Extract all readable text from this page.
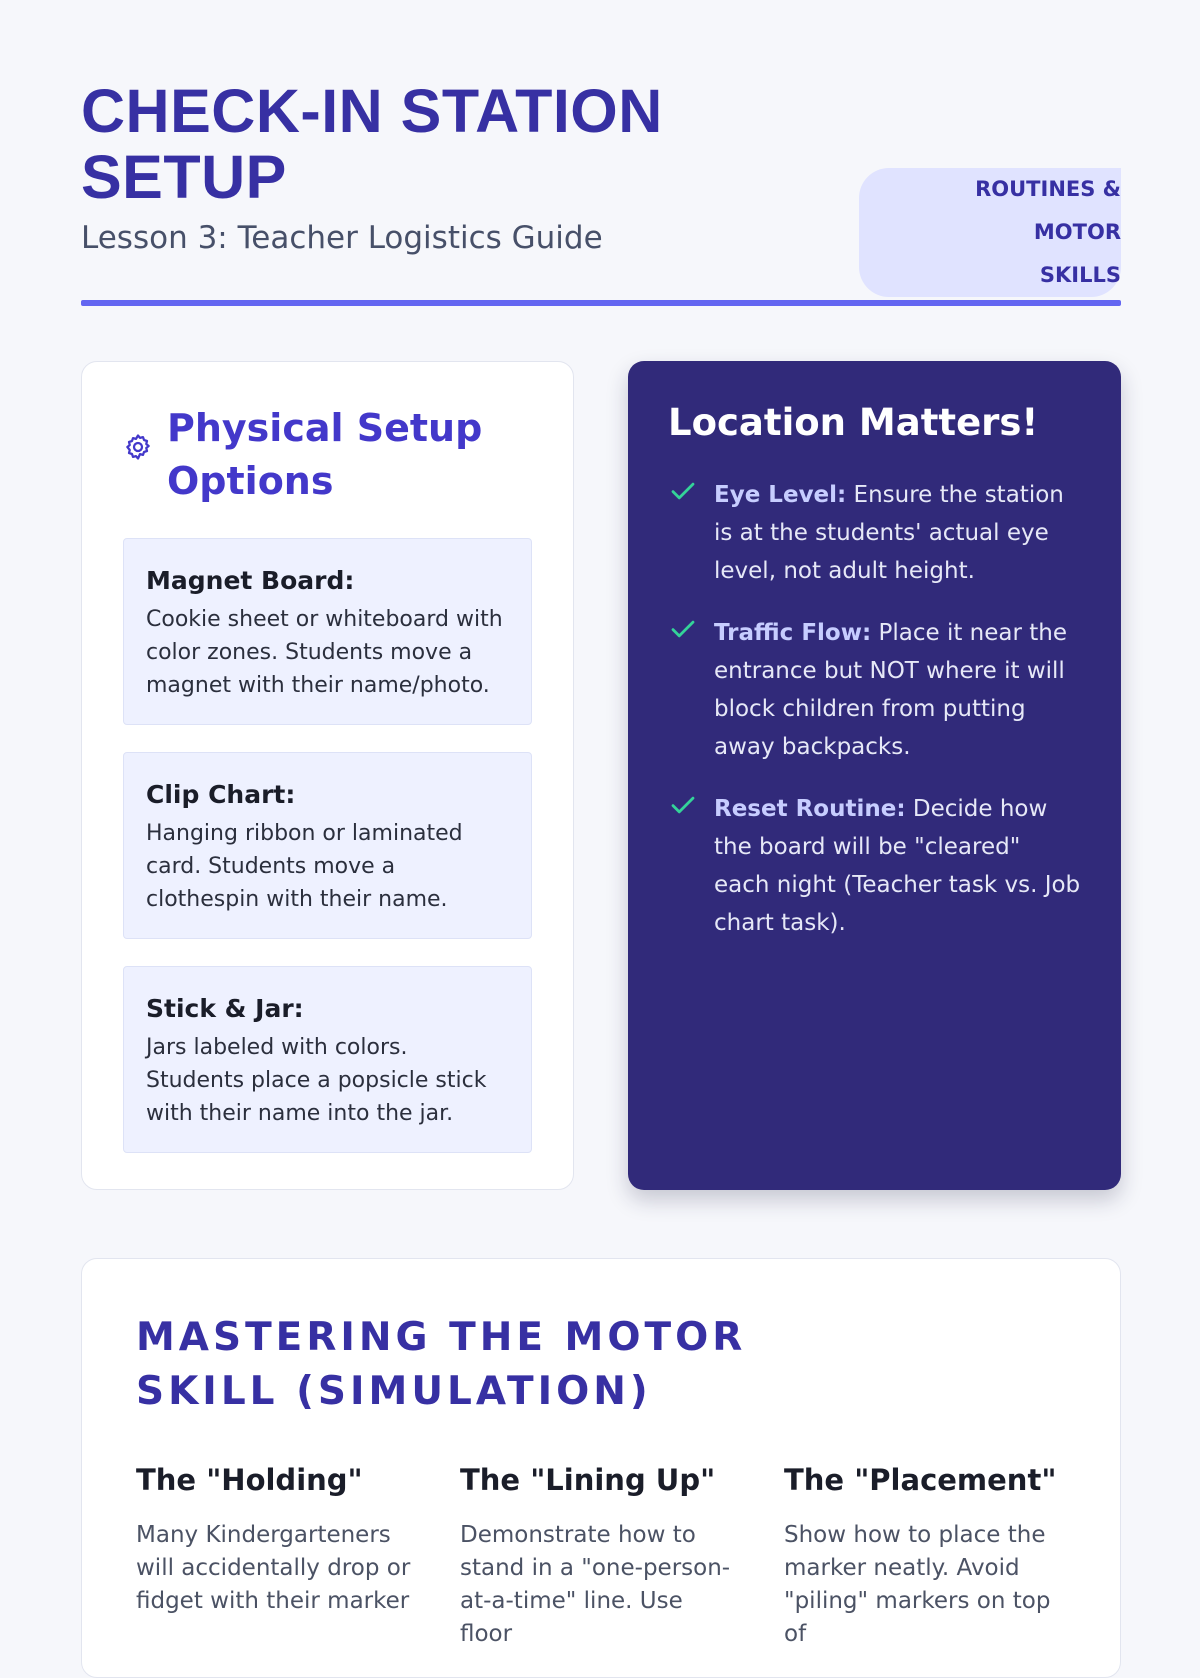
CHECK-IN STATION SETUP
Lesson 3: Teacher Logistics Guide
ROUTINES & MOTOR
SKILLS
Physical Setup Options
Magnet Board:
Cookie sheet or whiteboard with color zones. Students move a magnet with their name/photo.
Clip Chart:
Hanging ribbon or laminated card. Students move a clothespin with their name.
Stick & Jar:
Jars labeled with colors. Students place a popsicle stick with their name into the jar.
Location Matters!
Eye Level: Ensure the station is at the students' actual eye level, not adult height.
Traffic Flow: Place it near the entrance but NOT where it will block children from putting away backpacks.
Reset Routine: Decide how the board will be "cleared" each night (Teacher task vs. Job chart task).
MASTERING THE MOTOR SKILL (SIMULATION)
The "Holding"

Many Kindergarteners will accidentally drop or fidget with their marker

The "Lining Up"

Demonstrate how to stand in a "one-person-at-a-time" line. Use floor

The "Placement"

Show how to place the marker neatly. Avoid "piling" markers on top of
